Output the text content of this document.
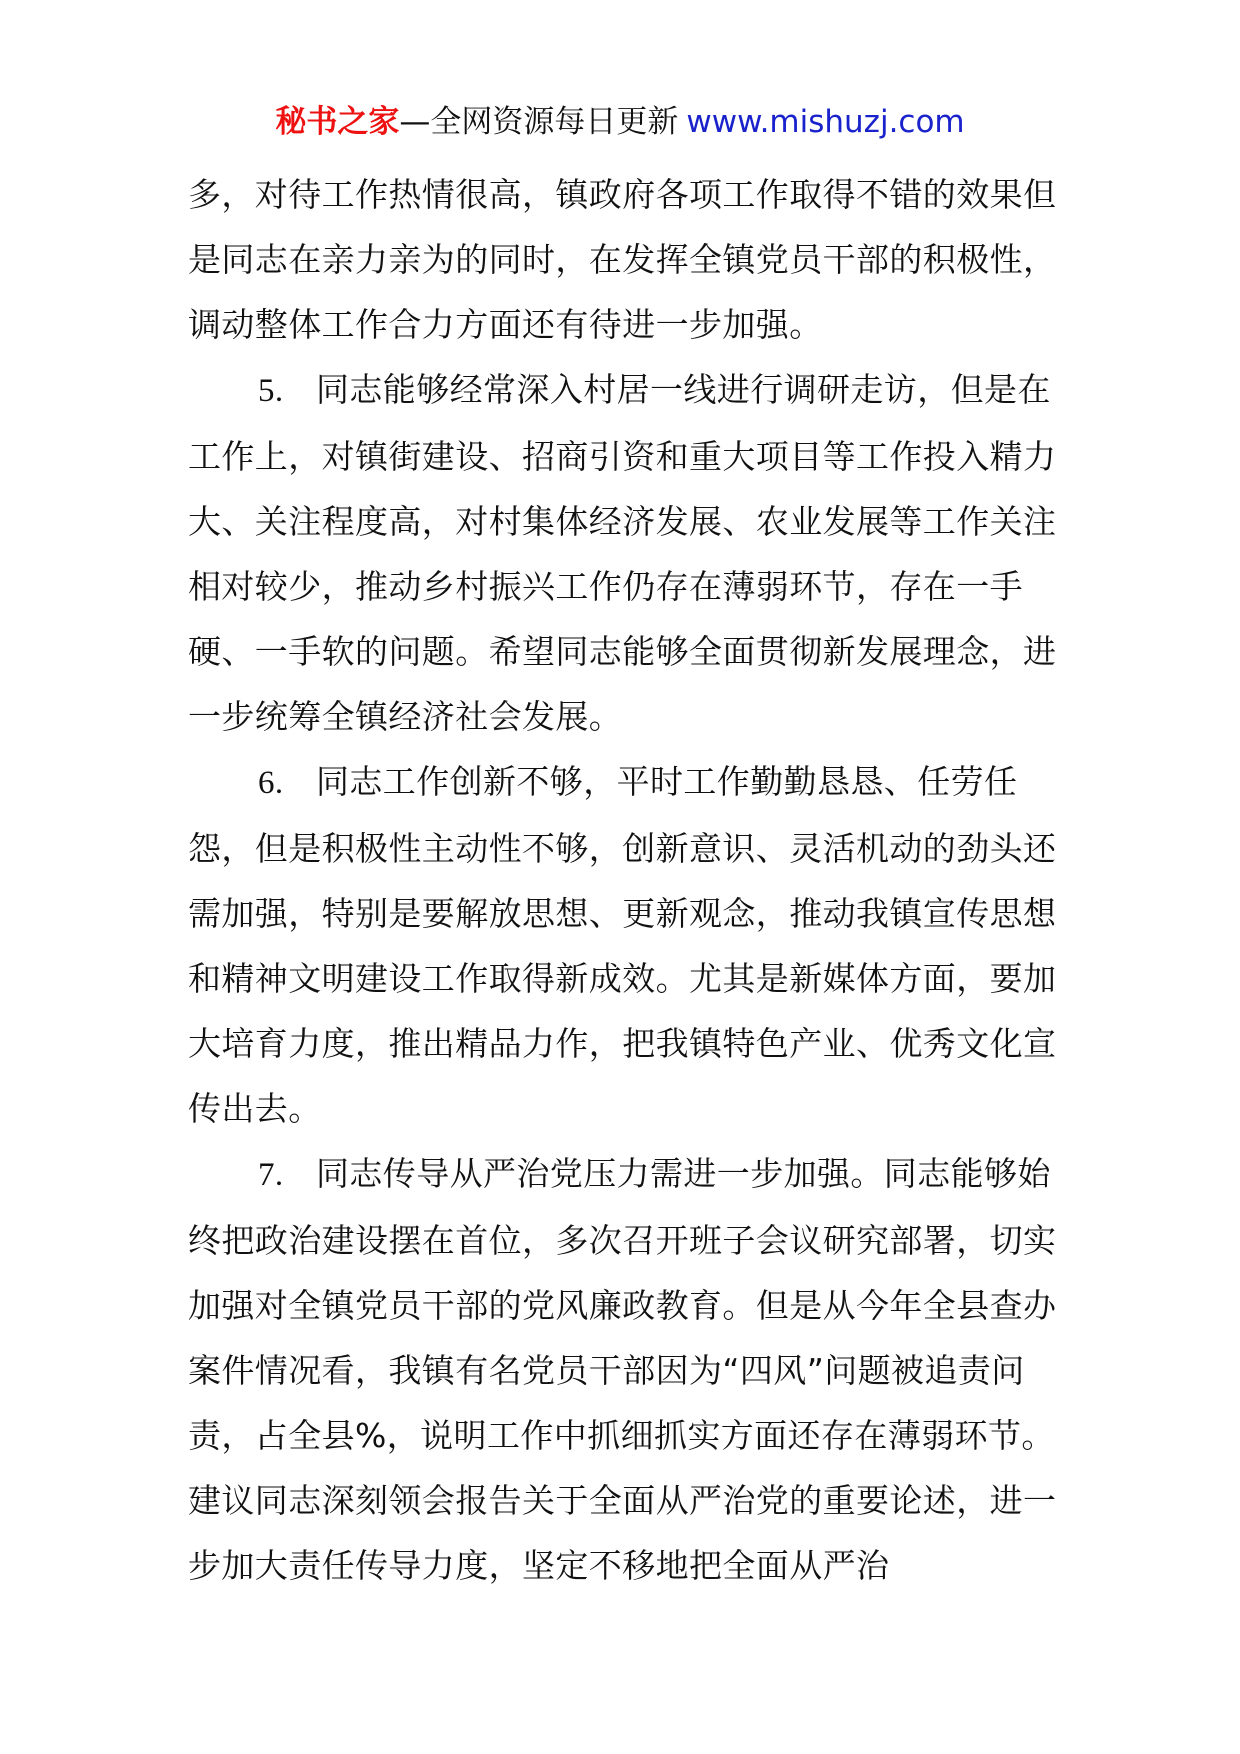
秘书之家—全网资源每日更新 www.mishuzj.com

多，对待工作热情很高，镇政府各项工作取得不错的效果但是同志在亲力亲为的同时，在发挥全镇党员干部的积极性，调动整体工作合力方面还有待进一步加强。

5. 同志能够经常深入村居一线进行调研走访，但是在工作上，对镇街建设、招商引资和重大项目等工作投入精力大、关注程度高，对村集体经济发展、农业发展等工作关注相对较少，推动乡村振兴工作仍存在薄弱环节，存在一手硬、一手软的问题。希望同志能够全面贯彻新发展理念，进一步统筹全镇经济社会发展。

6. 同志工作创新不够，平时工作勤勤恳恳、任劳任怨，但是积极性主动性不够，创新意识、灵活机动的劲头还需加强，特别是要解放思想、更新观念，推动我镇宣传思想和精神文明建设工作取得新成效。尤其是新媒体方面，要加大培育力度，推出精品力作，把我镇特色产业、优秀文化宣传出去。

7. 同志传导从严治党压力需进一步加强。同志能够始终把政治建设摆在首位，多次召开班子会议研究部署，切实加强对全镇党员干部的党风廉政教育。但是从今年全县查办案件情况看，我镇有名党员干部因为“四风”问题被追责问责，占全县%，说明工作中抓细抓实方面还存在薄弱环节。建议同志深刻领会报告关于全面从严治党的重要论述，进一步加大责任传导力度，坚定不移地把全面从严治
